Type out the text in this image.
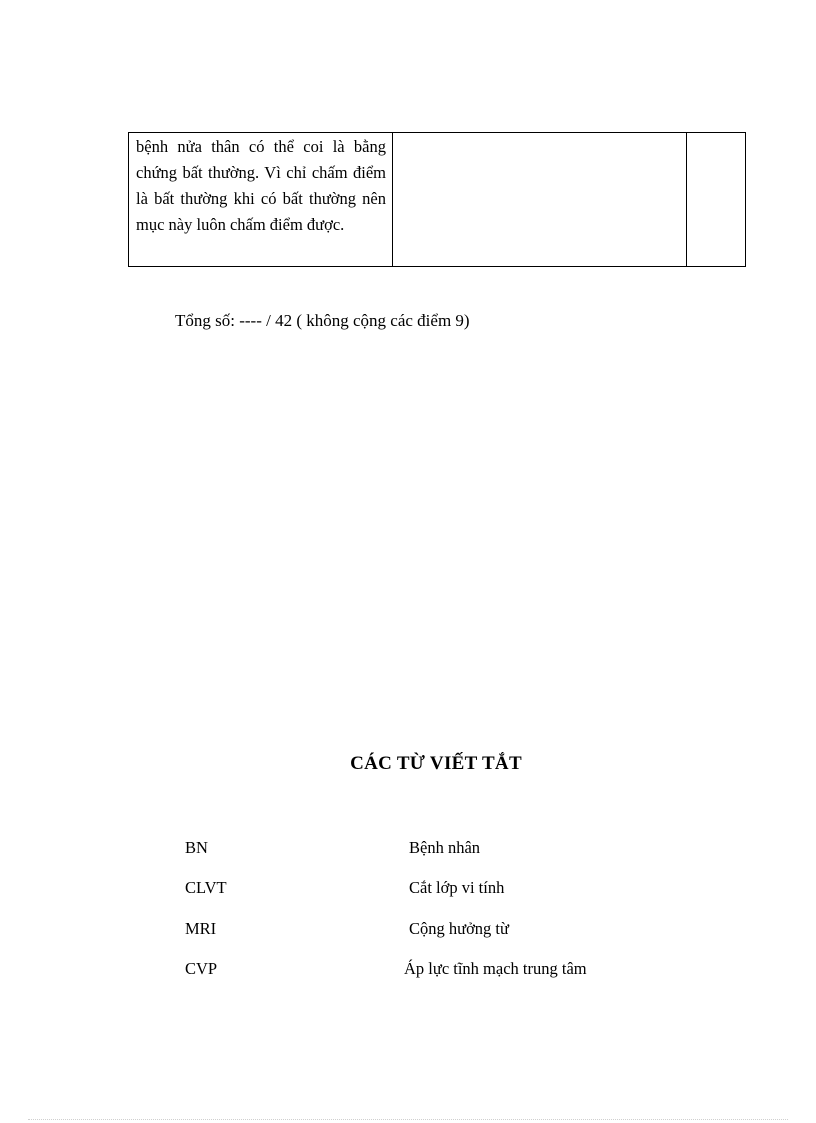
bệnh nửa thân có thể coi là bằng chứng bất thường. Vì chỉ chấm điểm là bất thường khi có bất thường nên mục này luôn chấm điểm được.

Tổng số: ---- / 42 ( không cộng các điểm 9)

CÁC TỪ VIẾT TẮT
BN	Bệnh nhân
CLVT	Cắt lớp vi tính
MRI	Cộng hưởng từ
CVP	Áp lực tĩnh mạch trung tâm
